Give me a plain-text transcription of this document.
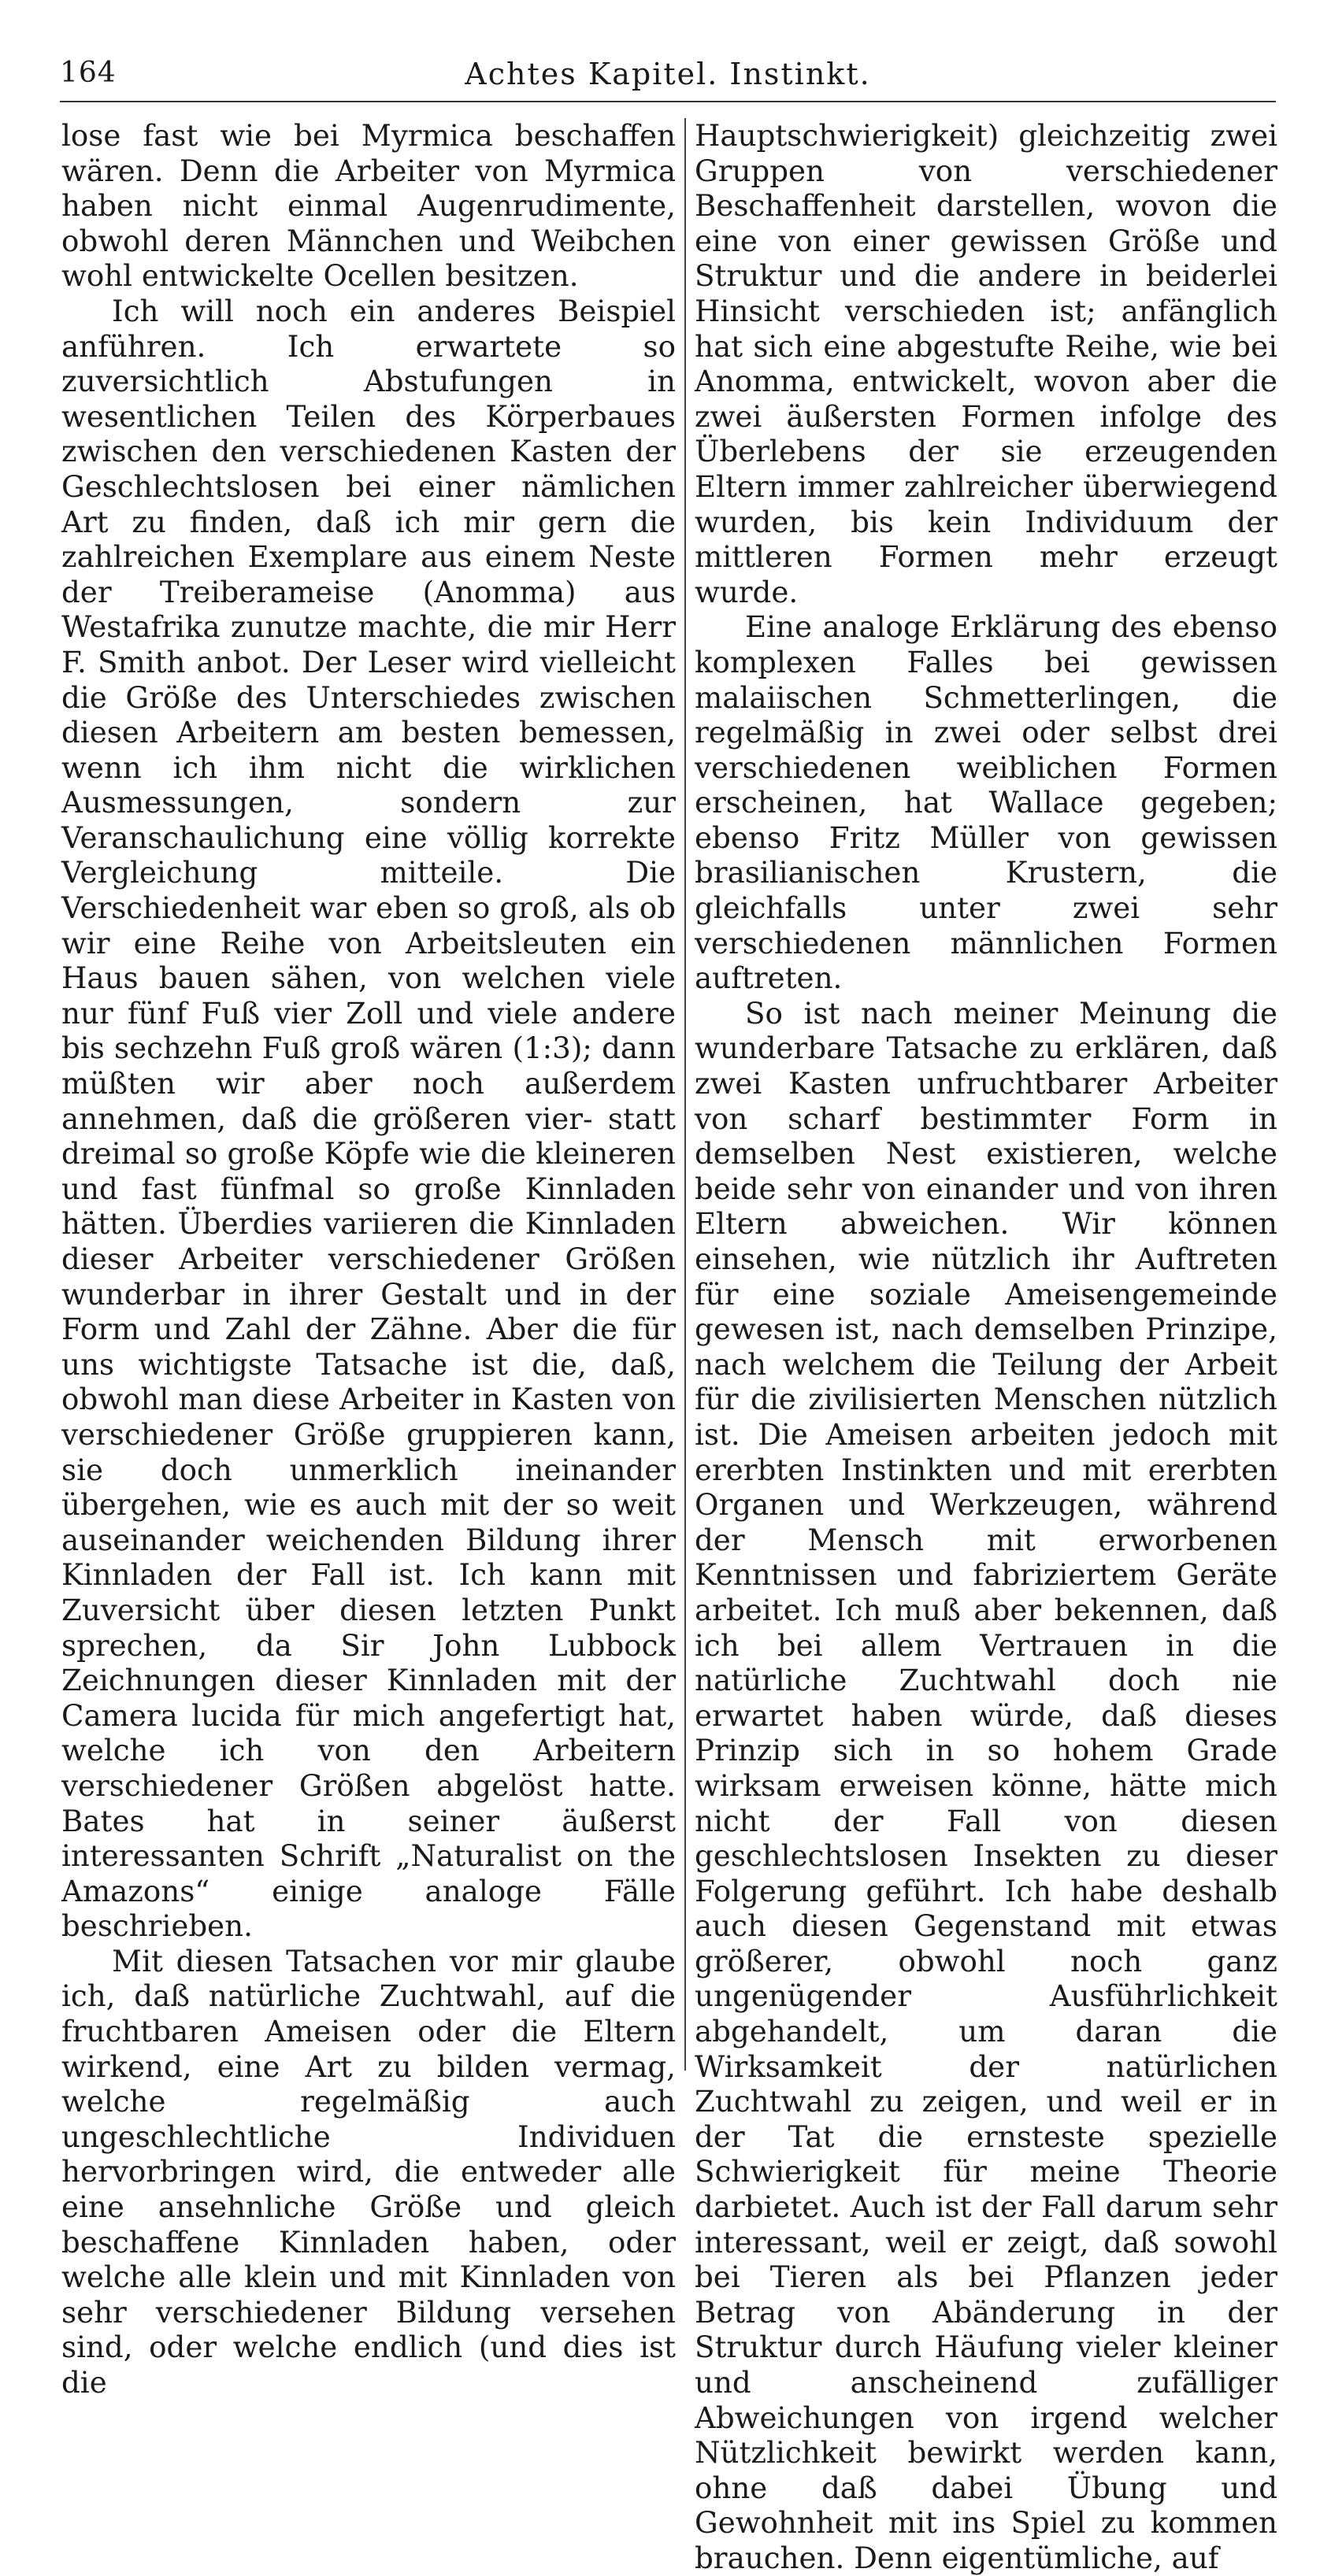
164	Achtes Kapitel. Instinkt.

lose fast wie bei Myrmica beschaffen wären. Denn die Arbeiter von Myrmica haben nicht einmal Augenrudimente, obwohl deren Männchen und Weibchen wohl entwickelte Ocellen besitzen.

Ich will noch ein anderes Beispiel anführen. Ich erwartete so zuversichtlich Abstufungen in wesentlichen Teilen des Körperbaues zwischen den verschiedenen Kasten der Geschlechtslosen bei einer nämlichen Art zu finden, daß ich mir gern die zahlreichen Exemplare aus einem Neste der Treiberameise (Anomma) aus Westafrika zunutze machte, die mir Herr F. Smith anbot. Der Leser wird vielleicht die Größe des Unterschiedes zwischen diesen Arbeitern am besten bemessen, wenn ich ihm nicht die wirklichen Ausmessungen, sondern zur Veranschaulichung eine völlig korrekte Vergleichung mitteile. Die Verschiedenheit war eben so groß, als ob wir eine Reihe von Arbeitsleuten ein Haus bauen sähen, von welchen viele nur fünf Fuß vier Zoll und viele andere bis sechzehn Fuß groß wären (1:3); dann müßten wir aber noch außerdem annehmen, daß die größeren vier- statt dreimal so große Köpfe wie die kleineren und fast fünfmal so große Kinnladen hätten. Überdies variieren die Kinnladen dieser Arbeiter verschiedener Größen wunderbar in ihrer Gestalt und in der Form und Zahl der Zähne. Aber die für uns wichtigste Tatsache ist die, daß, obwohl man diese Arbeiter in Kasten von verschiedener Größe gruppieren kann, sie doch unmerklich ineinander übergehen, wie es auch mit der so weit auseinander weichenden Bildung ihrer Kinnladen der Fall ist. Ich kann mit Zuversicht über diesen letzten Punkt sprechen, da Sir John Lubbock Zeichnungen dieser Kinnladen mit der Camera lucida für mich angefertigt hat, welche ich von den Arbeitern verschiedener Größen abgelöst hatte. Bates hat in seiner äußerst interessanten Schrift „Naturalist on the Amazons“ einige analoge Fälle beschrieben.

Mit diesen Tatsachen vor mir glaube ich, daß natürliche Zuchtwahl, auf die fruchtbaren Ameisen oder die Eltern wirkend, eine Art zu bilden vermag, welche regelmäßig auch ungeschlechtliche Individuen hervorbringen wird, die entweder alle eine ansehnliche Größe und gleich beschaffene Kinnladen haben, oder welche alle klein und mit Kinnladen von sehr verschiedener Bildung versehen sind, oder welche endlich (und dies ist die

Hauptschwierigkeit) gleichzeitig zwei Gruppen von verschiedener Beschaffenheit darstellen, wovon die eine von einer gewissen Größe und Struktur und die andere in beiderlei Hinsicht verschieden ist; anfänglich hat sich eine abgestufte Reihe, wie bei Anomma, entwickelt, wovon aber die zwei äußersten Formen infolge des Überlebens der sie erzeugenden Eltern immer zahlreicher überwiegend wurden, bis kein Individuum der mittleren Formen mehr erzeugt wurde.

Eine analoge Erklärung des ebenso komplexen Falles bei gewissen malaiischen Schmetterlingen, die regelmäßig in zwei oder selbst drei verschiedenen weiblichen Formen erscheinen, hat Wallace gegeben; ebenso Fritz Müller von gewissen brasilianischen Krustern, die gleichfalls unter zwei sehr verschiedenen männlichen Formen auftreten.

So ist nach meiner Meinung die wunderbare Tatsache zu erklären, daß zwei Kasten unfruchtbarer Arbeiter von scharf bestimmter Form in demselben Nest existieren, welche beide sehr von einander und von ihren Eltern abweichen. Wir können einsehen, wie nützlich ihr Auftreten für eine soziale Ameisengemeinde gewesen ist, nach demselben Prinzipe, nach welchem die Teilung der Arbeit für die zivilisierten Menschen nützlich ist. Die Ameisen arbeiten jedoch mit ererbten Instinkten und mit ererbten Organen und Werkzeugen, während der Mensch mit erworbenen Kenntnissen und fabriziertem Geräte arbeitet. Ich muß aber bekennen, daß ich bei allem Vertrauen in die natürliche Zuchtwahl doch nie erwartet haben würde, daß dieses Prinzip sich in so hohem Grade wirksam erweisen könne, hätte mich nicht der Fall von diesen geschlechtslosen Insekten zu dieser Folgerung geführt. Ich habe deshalb auch diesen Gegenstand mit etwas größerer, obwohl noch ganz ungenügender Ausführlichkeit abgehandelt, um daran die Wirksamkeit der natürlichen Zuchtwahl zu zeigen, und weil er in der Tat die ernsteste spezielle Schwierigkeit für meine Theorie darbietet. Auch ist der Fall darum sehr interessant, weil er zeigt, daß sowohl bei Tieren als bei Pflanzen jeder Betrag von Abänderung in der Struktur durch Häufung vieler kleiner und anscheinend zufälliger Abweichungen von irgend welcher Nützlichkeit bewirkt werden kann, ohne daß dabei Übung und Gewohnheit mit ins Spiel zu kommen brauchen. Denn eigentümliche, auf
